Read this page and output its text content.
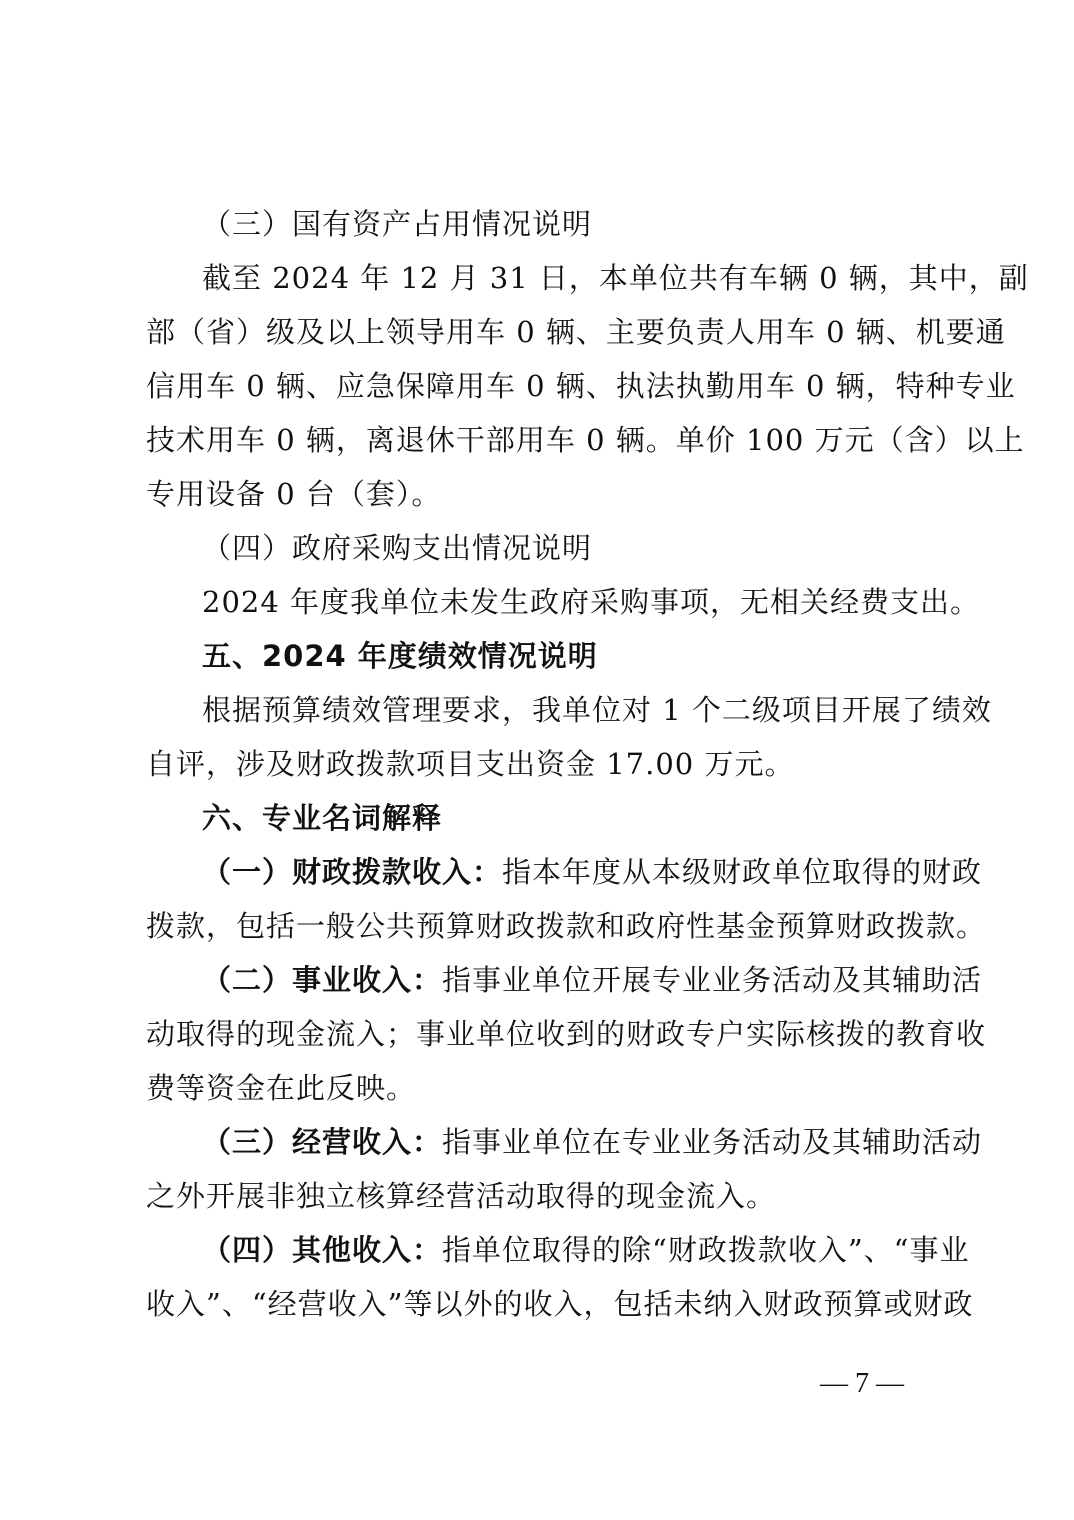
（三）国有资产占用情况说明
截至 2024 年 12 月 31 日，本单位共有车辆 0 辆，其中，副
部（省）级及以上领导用车 0 辆、主要负责人用车 0 辆、机要通
信用车 0 辆、应急保障用车 0 辆、执法执勤用车 0 辆，特种专业
技术用车 0 辆，离退休干部用车 0 辆。单价 100 万元（含）以上
专用设备 0 台（套）。
（四）政府采购支出情况说明
2024 年度我单位未发生政府采购事项，无相关经费支出。
五、2024 年度绩效情况说明
根据预算绩效管理要求，我单位对 1 个二级项目开展了绩效
自评，涉及财政拨款项目支出资金 17.00 万元。
六、专业名词解释
（一）财政拨款收入：指本年度从本级财政单位取得的财政
拨款，包括一般公共预算财政拨款和政府性基金预算财政拨款。
（二）事业收入：指事业单位开展专业业务活动及其辅助活
动取得的现金流入；事业单位收到的财政专户实际核拨的教育收
费等资金在此反映。
（三）经营收入：指事业单位在专业业务活动及其辅助活动
之外开展非独立核算经营活动取得的现金流入。
（四）其他收入：指单位取得的除“财政拨款收入”、“事业
收入”、“经营收入”等以外的收入，包括未纳入财政预算或财政
— 7 —
